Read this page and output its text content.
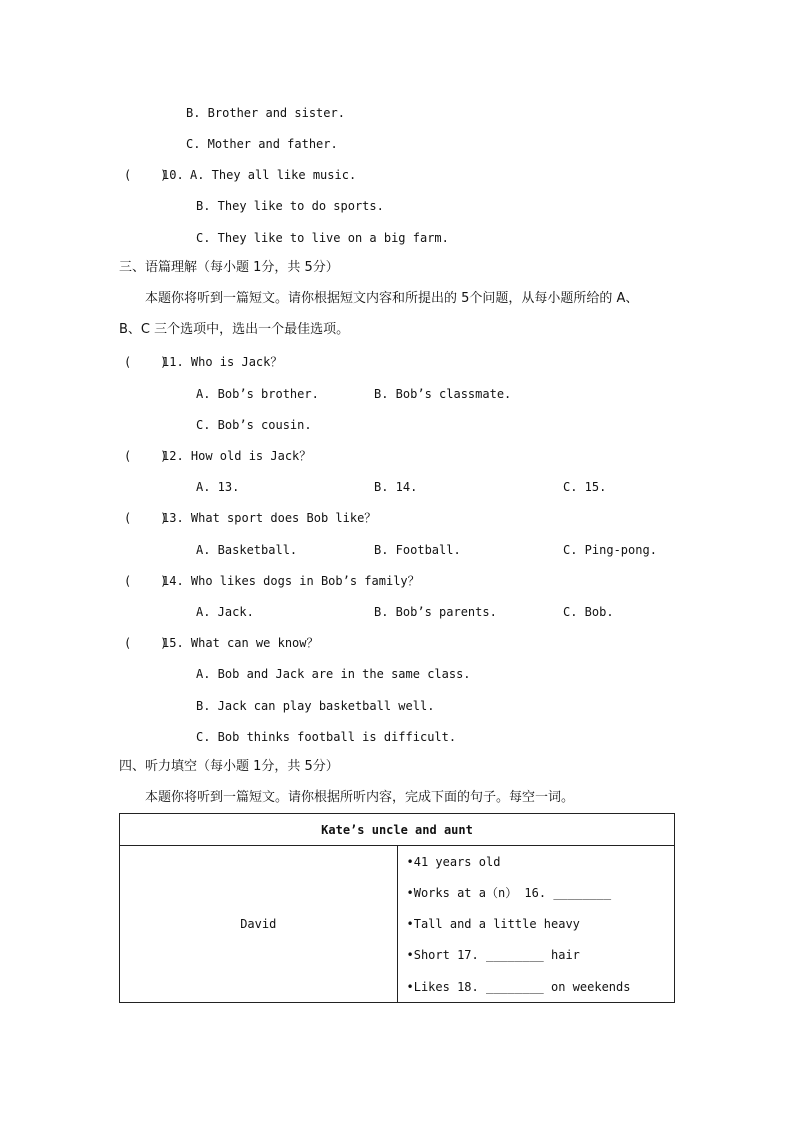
B. Brother and sister.
C. Mother and father.
(    )
10. A. They all like music.
B. They like to do sports.
C. They like to live on a big farm.
三、语篇理解（每小题 1分，共 5分）
本题你将听到一篇短文。请你根据短文内容和所提出的 5个问题，从每小题所给的 A、
B、C 三个选项中，选出一个最佳选项。
(    )
11. Who is Jack？
A. Bob’s brother.	B. Bob’s classmate.
C. Bob’s cousin.
(    )
12. How old is Jack？
A. 13.	B. 14.	C. 15.
(    )
13. What sport does Bob like？
A. Basketball.	B. Football.	C. Ping-pong.
(    )
14. Who likes dogs in Bob’s family？
A. Jack.	B. Bob’s parents.	C. Bob.
(    )
15. What can we know？
A. Bob and Jack are in the same class.
B. Jack can play basketball well.
C. Bob thinks football is difficult.
四、听力填空（每小题 1分，共 5分）
本题你将听到一篇短文。请你根据所听内容，完成下面的句子。每空一词。
Kate’s uncle and aunt
David	
•41 years old
•Works at a（n） 16. ________
•Tall and a little heavy
•Short 17. ________ hair
•Likes 18. ________ on weekends
